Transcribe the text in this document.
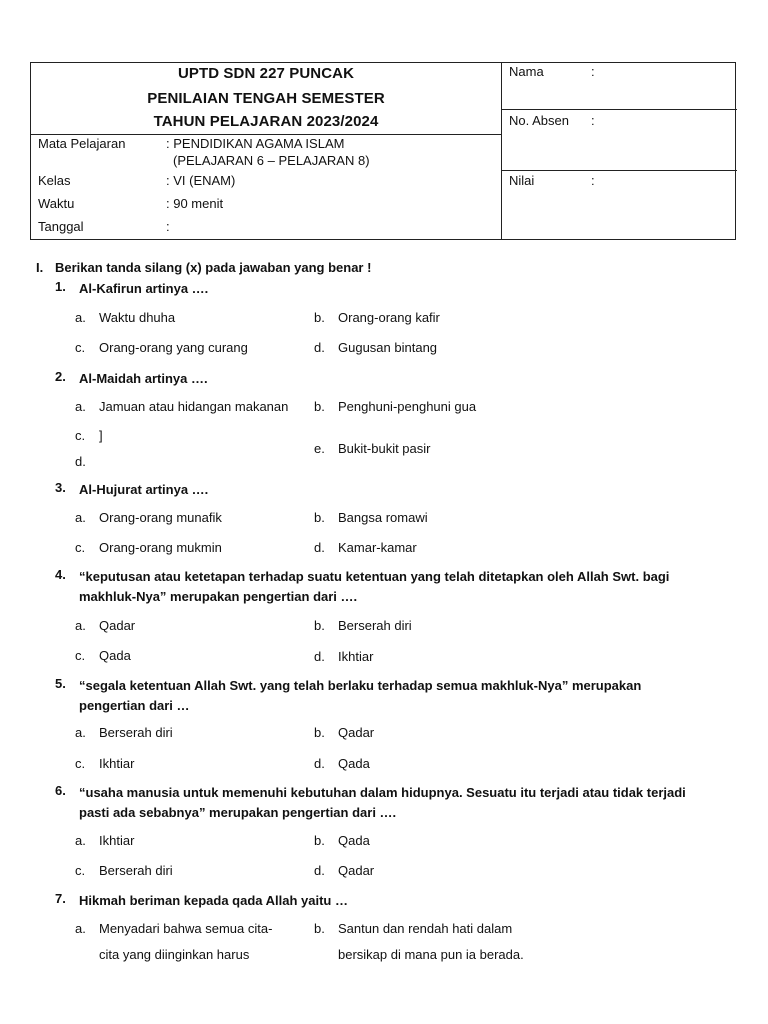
UPTD SDN 227 PUNCAK
PENILAIAN TENGAH SEMESTER
TAHUN PELAJARAN 2023/2024
Mata Pelajaran	: PENDIDIKAN AGAMA ISLAM
(PELAJARAN 6 – PELAJARAN 8)
Kelas	: VI (ENAM)
Waktu	: 90 menit
Tanggal	:
Nama	:
No. Absen :
Nilai	:
I. Berikan tanda silang (x) pada jawaban yang benar !
1. Al-Kafirun artinya ….
a. Waktu dhuha	b. Orang-orang kafir
c. Orang-orang yang curang	d. Gugusan bintang
2. Al-Maidah artinya ….
a. Jamuan atau hidangan makanan b. Penghuni-penghuni gua
c. ]
d.
e. Bukit-bukit pasir
3. Al-Hujurat artinya ….
a. Orang-orang munafik	b. Bangsa romawi
c. Orang-orang mukmin	d. Kamar-kamar
4. “keputusan atau ketetapan terhadap suatu ketentuan yang telah ditetapkan oleh Allah Swt. bagi
makhluk-Nya” merupakan pengertian dari ….
a. Qadar	b. Berserah diri
c. Qada	d. Ikhtiar
5. “segala ketentuan Allah Swt. yang telah berlaku terhadap semua makhluk-Nya” merupakan
pengertian dari …
a. Berserah diri	b. Qadar
c. Ikhtiar	d. Qada
6. “usaha manusia untuk memenuhi kebutuhan dalam hidupnya. Sesuatu itu terjadi atau tidak terjadi
pasti ada sebabnya” merupakan pengertian dari ….
a. Ikhtiar	b. Qada
c. Berserah diri	d. Qadar
7. Hikmah beriman kepada qada Allah yaitu …
a. Menyadari bahwa semua cita-
cita yang diinginkan harus
b. Santun dan rendah hati dalam
bersikap di mana pun ia berada.
